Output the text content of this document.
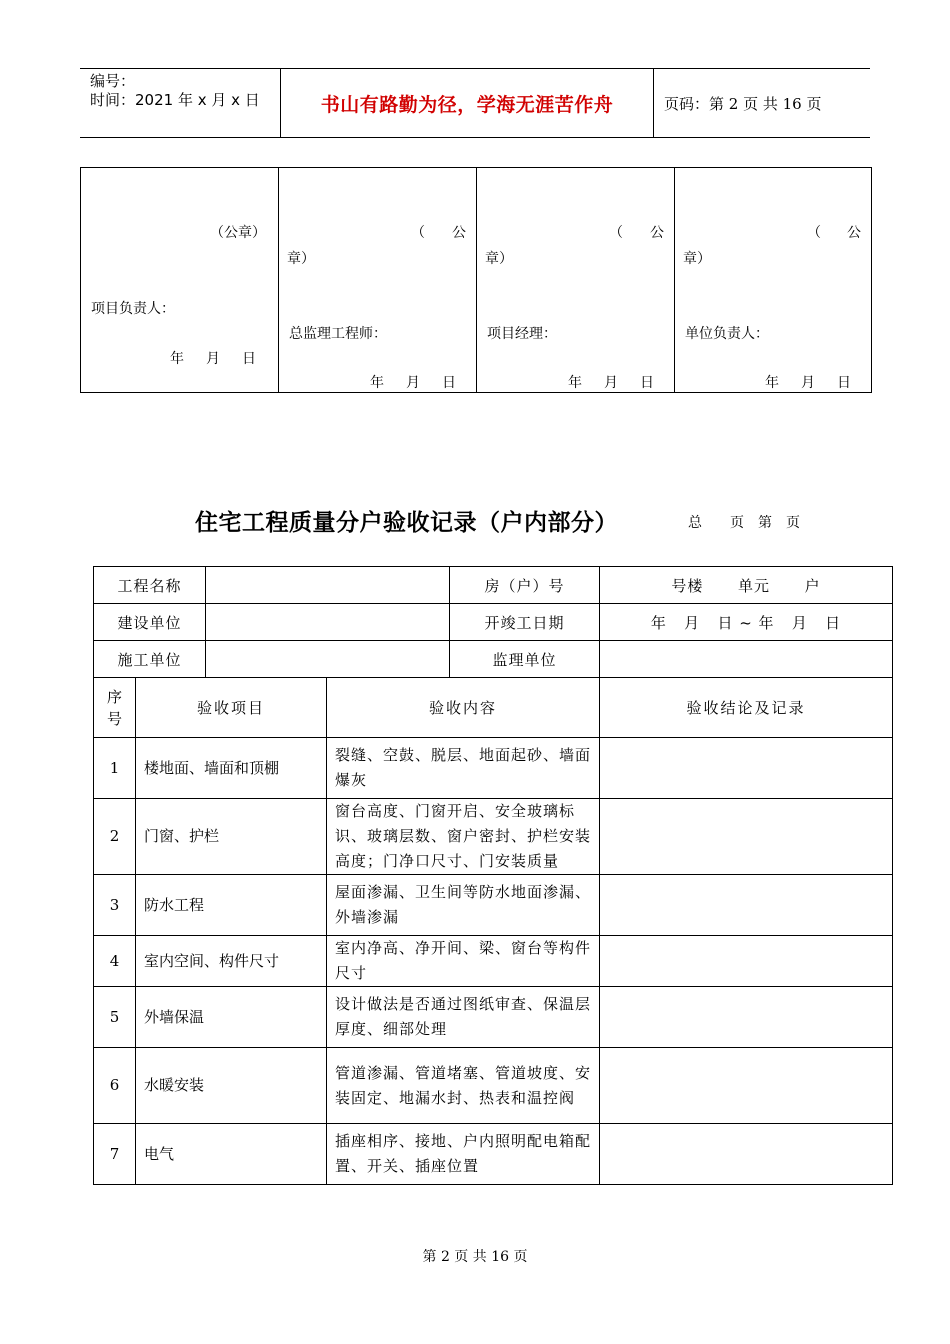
编号：
时间：2021 年 x 月 x 日	书山有路勤为径，学海无涯苦作舟	页码：第 2 页 共 16 页
（公章）
项目负责人：
年 月 日

（ 公
章）
总监理工程师：
年 月 日

（ 公
章）
项目经理：
年 月 日

（ 公
章）
单位负责人：
年 月 日
住宅工程质量分户验收记录（户内部分）	总 页 第 页
工程名称				房（户）号	号楼      单元      户
建设单位				开竣工日期	年   月   日 ~ 年   月   日
施工单位				监理单位	

序号	验收项目		验收内容		验收结论及记录
1	楼地面、墙面和顶棚		裂缝、空鼓、脱层、地面起砂、墙面爆灰		
2	门窗、护栏		窗台高度、门窗开启、安全玻璃标识、玻璃层数、窗户密封、护栏安装高度；门净口尺寸、门安装质量		
3	防水工程		屋面渗漏、卫生间等防水地面渗漏、外墙渗漏		
4	室内空间、构件尺寸		室内净高、净开间、梁、窗台等构件尺寸		
5	外墙保温		设计做法是否通过图纸审查、保温层厚度、细部处理		
6	水暖安装		管道渗漏、管道堵塞、管道坡度、安装固定、地漏水封、热表和温控阀		
7	电气		插座相序、接地、户内照明配电箱配置、开关、插座位置		
第 2 页 共 16 页
